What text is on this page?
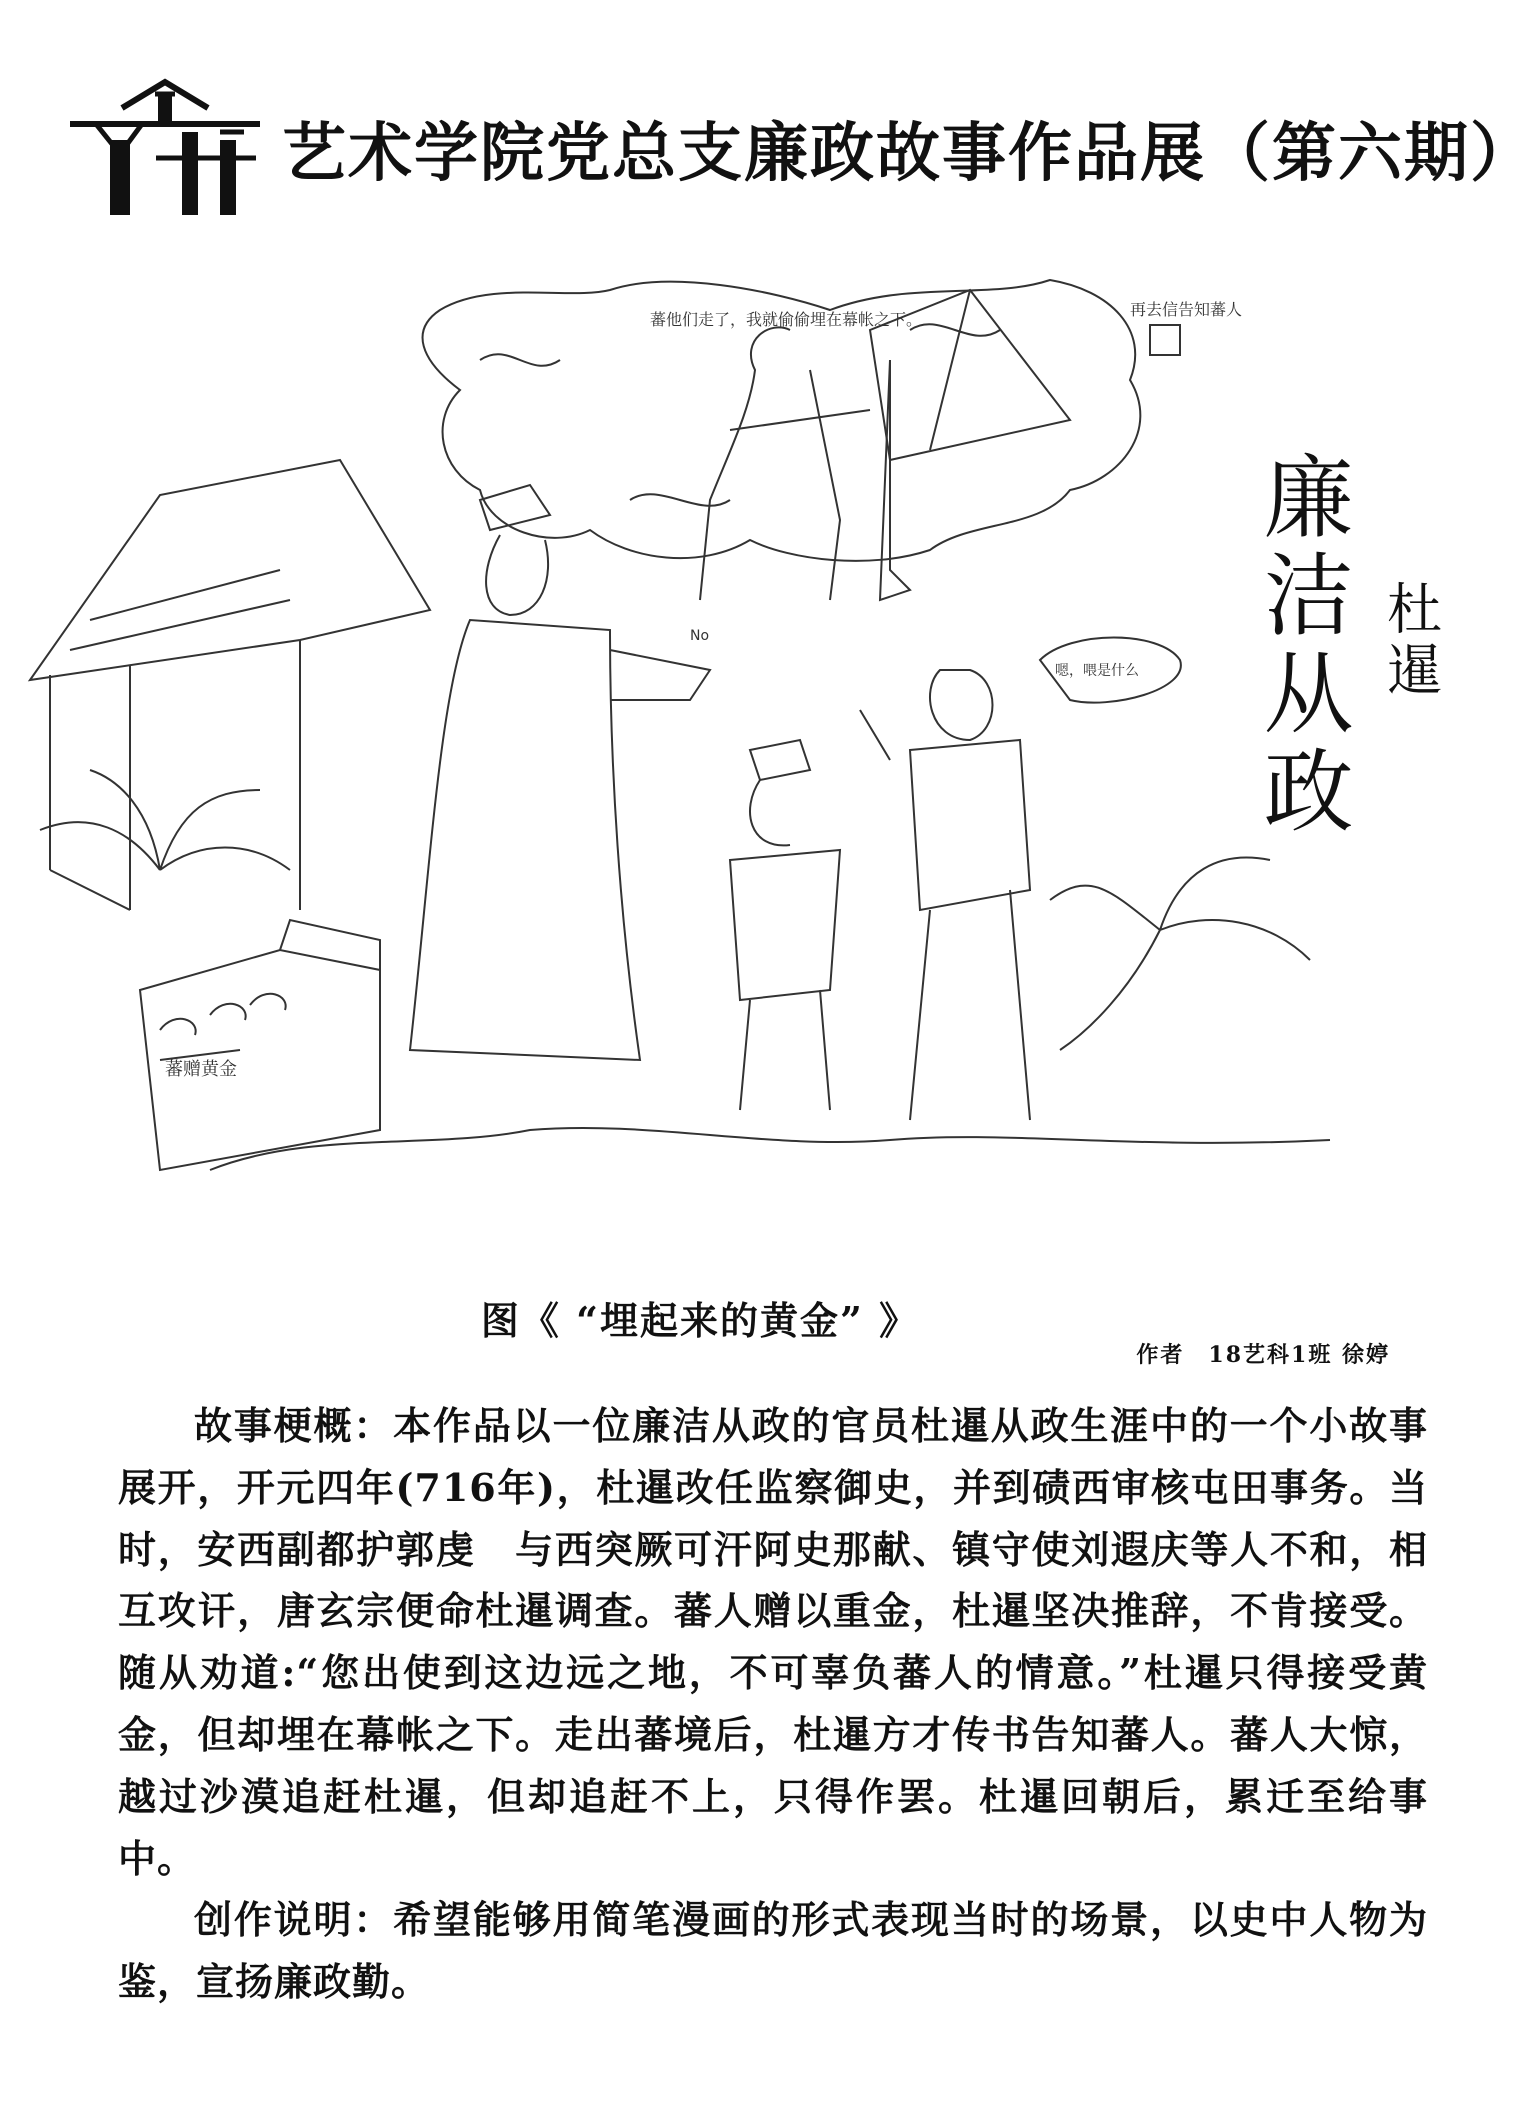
艺术学院党总支廉政故事作品展（第六期）
廉洁从政 杜暹
No
蕃赠黄金
蕃他们走了，我就偷偷埋在幕帐之下。
再去信告知蕃人
嗯，喂是什么
图《 “埋起来的黄金” 》
作者　18艺科1班 徐婷

故事梗概：本作品以一位廉洁从政的官员杜暹从政生涯中的一个小故事展开，开元四年(716年)，杜暹改任监察御史，并到碛西审核屯田事务。当时，安西副都护郭虔　与西突厥可汗阿史那献、镇守使刘遐庆等人不和，相互攻讦，唐玄宗便命杜暹调查。蕃人赠以重金，杜暹坚决推辞，不肯接受。随从劝道:“您出使到这边远之地，不可辜负蕃人的情意。”杜暹只得接受黄金，但却埋在幕帐之下。走出蕃境后，杜暹方才传书告知蕃人。蕃人大惊，越过沙漠追赶杜暹，但却追赶不上，只得作罢。杜暹回朝后，累迁至给事中。

创作说明：希望能够用简笔漫画的形式表现当时的场景，以史中人物为鉴，宣扬廉政勤。
